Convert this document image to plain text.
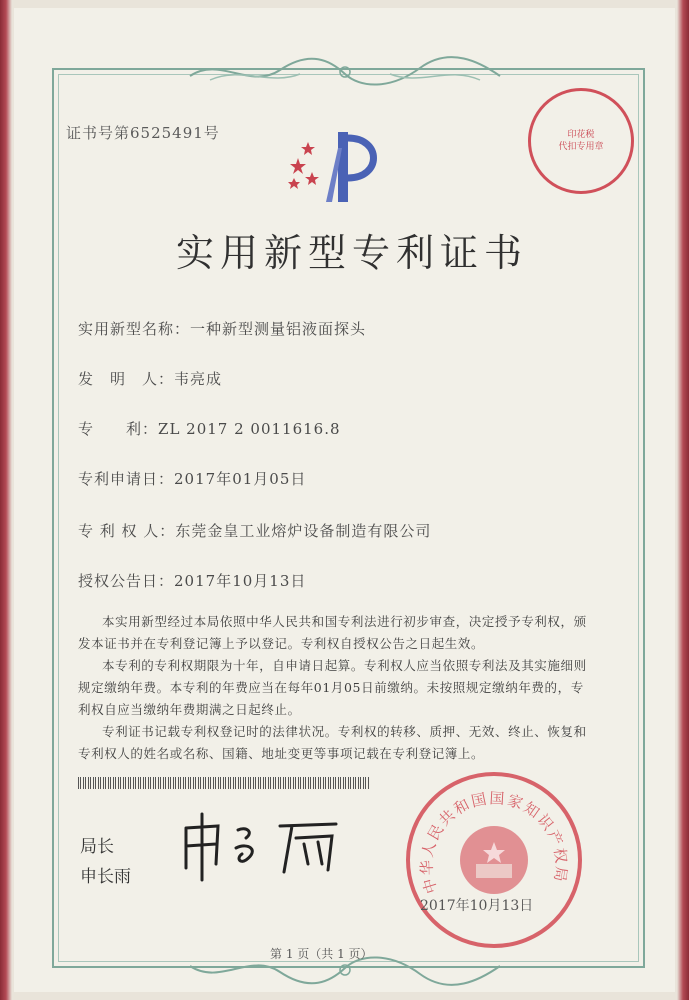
证书号第6525491号	印花税
代扣专用章
实用新型专利证书
实用新型名称：一种新型测量铝液面探头
发　明　人：韦亮成
专　　利：ZL 2017 2 0011616.8
专利申请日：2017年01月05日
专 利 权 人：东莞金皇工业熔炉设备制造有限公司
授权公告日：2017年10月13日
本实用新型经过本局依照中华人民共和国专利法进行初步审查，决定授予专利权，颁
发本证书并在专利登记簿上予以登记。专利权自授权公告之日起生效。
本专利的专利权期限为十年，自申请日起算。专利权人应当依照专利法及其实施细则
规定缴纳年费。本专利的年费应当在每年01月05日前缴纳。未按照规定缴纳年费的，专
利权自应当缴纳年费期满之日起终止。
专利证书记载专利权登记时的法律状况。专利权的转移、质押、无效、终止、恢复和
专利权人的姓名或名称、国籍、地址变更等事项记载在专利登记簿上。
局长
申长雨	中华人民共和国国家知识产权局
2017年10月13日
第 1 页（共 1 页）
